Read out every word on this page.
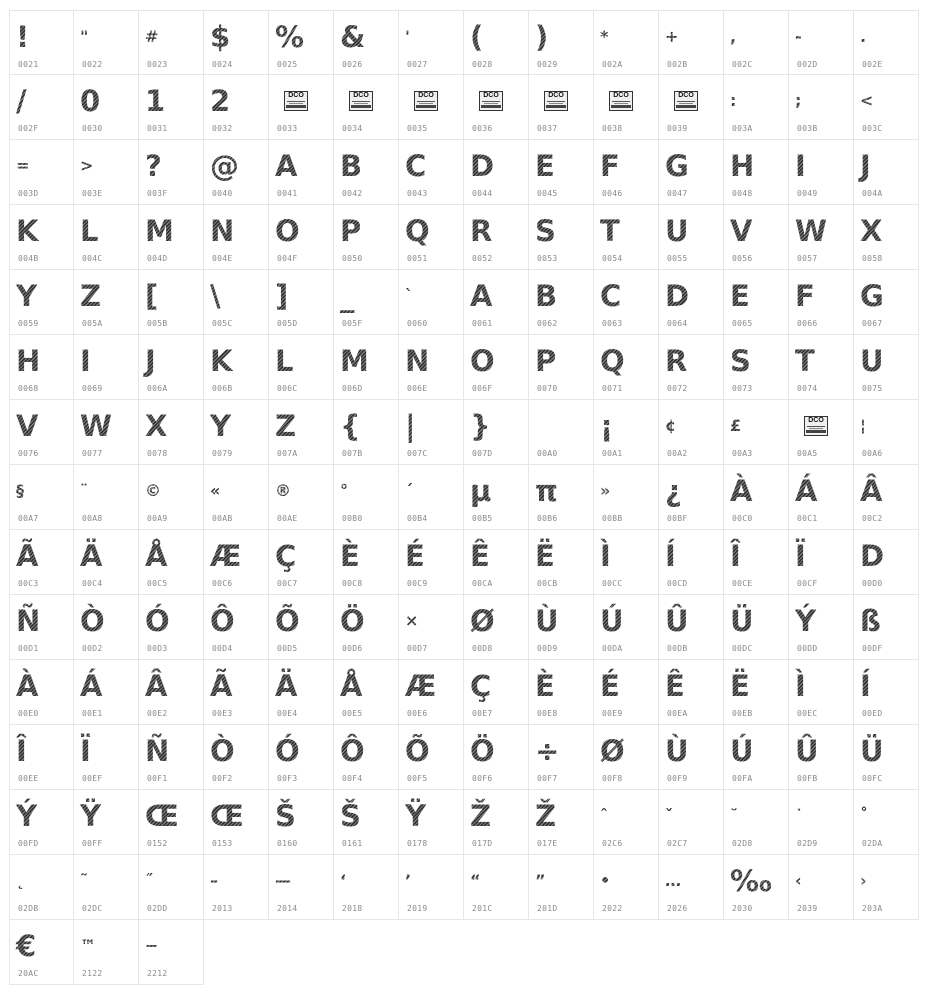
!
0021
"
0022
#
0023
$
0024
%
0025
&
0026
'
0027
(
0028
)
0029
*
002A
+
002B
,
002C
-
002D
.
002E
/
002F
0
0030
1
0031
2
0032
DCO
0033
DCO
0034
DCO
0035
DCO
0036
DCO
0037
DCO
0038
DCO
0039
:
003A
;
003B
<
003C
=
003D
>
003E
?
003F
@
0040
A
0041
B
0042
C
0043
D
0044
E
0045
F
0046
G
0047
H
0048
I
0049
J
004A
K
004B
L
004C
M
004D
N
004E
O
004F
P
0050
Q
0051
R
0052
S
0053
T
0054
U
0055
V
0056
W
0057
X
0058
Y
0059
Z
005A
[
005B
\
005C
]
005D
_
005F
`
0060
A
0061
B
0062
C
0063
D
0064
E
0065
F
0066
G
0067
H
0068
I
0069
J
006A
K
006B
L
006C
M
006D
N
006E
O
006F
P
0070
Q
0071
R
0072
S
0073
T
0074
U
0075
V
0076
W
0077
X
0078
Y
0079
Z
007A
{
007B
|
007C
}
007D	00A0
¡
00A1
¢
00A2
£
00A3
DCO
00A5
¦
00A6
§
00A7
¨
00A8
©
00A9
«
00AB
®
00AE
°
00B0
´
00B4
µ
00B5
π
00B6
»
00BB
¿
00BF
À
00C0
Á
00C1
Â
00C2
Ã
00C3
Ä
00C4
Å
00C5
Æ
00C6
Ç
00C7
È
00C8
É
00C9
Ê
00CA
Ë
00CB
Ì
00CC
Í
00CD
Î
00CE
Ï
00CF
D
00D0
Ñ
00D1
Ò
00D2
Ó
00D3
Ô
00D4
Õ
00D5
Ö
00D6
×
00D7
Ø
00D8
Ù
00D9
Ú
00DA
Û
00DB
Ü
00DC
Ý
00DD
ß
00DF
À
00E0
Á
00E1
Â
00E2
Ã
00E3
Ä
00E4
Å
00E5
Æ
00E6
Ç
00E7
È
00E8
É
00E9
Ê
00EA
Ë
00EB
Ì
00EC
Í
00ED
Î
00EE
Ï
00EF
Ñ
00F1
Ò
00F2
Ó
00F3
Ô
00F4
Õ
00F5
Ö
00F6
÷
00F7
Ø
00F8
Ù
00F9
Ú
00FA
Û
00FB
Ü
00FC
Ý
00FD
Ÿ
00FF
Œ
0152
Œ
0153
Š
0160
Š
0161
Ÿ
0178
Ž
017D
Ž
017E
ˆ
02C6
ˇ
02C7
˘
02D8
˙
02D9
˚
02DA
˛
02DB
˜
02DC
˝
02DD
–
2013
—
2014
‘
2018
’
2019
“
201C
”
201D
•
2022
…
2026
‰
2030
‹
2039
›
203A
€
20AC
™
2122
−
2212
